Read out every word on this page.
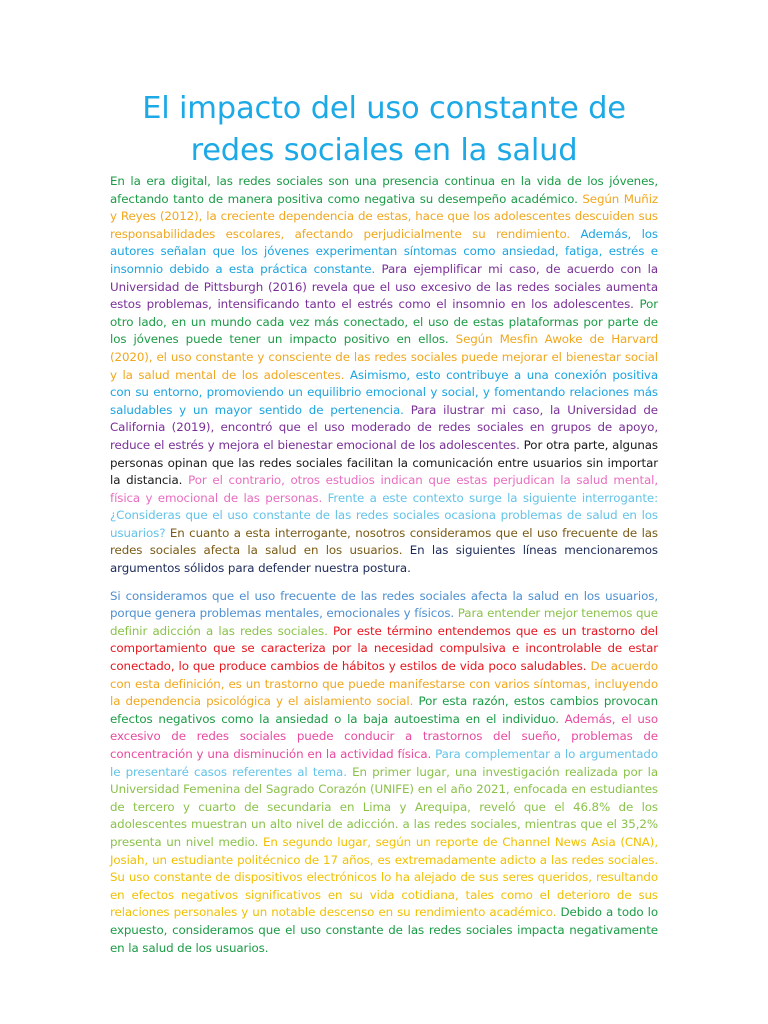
El impacto del uso constante de redes sociales en la salud

En la era digital, las redes sociales son una presencia continua en la vida de los jóvenes, afectando tanto de manera positiva como negativa su desempeño académico. Según Muñiz y Reyes (2012), la creciente dependencia de estas, hace que los adolescentes descuiden sus responsabilidades escolares, afectando perjudicialmente su rendimiento. Además, los autores señalan que los jóvenes experimentan síntomas como ansiedad, fatiga, estrés e insomnio debido a esta práctica constante. Para ejemplificar mi caso, de acuerdo con la Universidad de Pittsburgh (2016) revela que el uso excesivo de las redes sociales aumenta estos problemas, intensificando tanto el estrés como el insomnio en los adolescentes. Por otro lado, en un mundo cada vez más conectado, el uso de estas plataformas por parte de los jóvenes puede tener un impacto positivo en ellos. Según Mesfin Awoke de Harvard (2020), el uso constante y consciente de las redes sociales puede mejorar el bienestar social y la salud mental de los adolescentes. Asimismo, esto contribuye a una conexión positiva con su entorno, promoviendo un equilibrio emocional y social, y fomentando relaciones más saludables y un mayor sentido de pertenencia. Para ilustrar mi caso, la Universidad de California (2019), encontró que el uso moderado de redes sociales en grupos de apoyo, reduce el estrés y mejora el bienestar emocional de los adolescentes. Por otra parte, algunas personas opinan que las redes sociales facilitan la comunicación entre usuarios sin importar la distancia. Por el contrario, otros estudios indican que estas perjudican la salud mental, física y emocional de las personas. Frente a este contexto surge la siguiente interrogante: ¿Consideras que el uso constante de las redes sociales ocasiona problemas de salud en los usuarios? En cuanto a esta interrogante, nosotros consideramos que el uso frecuente de las redes sociales afecta la salud en los usuarios. En las siguientes líneas mencionaremos argumentos sólidos para defender nuestra postura.

Si consideramos que el uso frecuente de las redes sociales afecta la salud en los usuarios, porque genera problemas mentales, emocionales y físicos. Para entender mejor tenemos que definir adicción a las redes sociales. Por este término entendemos que es un trastorno del comportamiento que se caracteriza por la necesidad compulsiva e incontrolable de estar conectado, lo que produce cambios de hábitos y estilos de vida poco saludables. De acuerdo con esta definición, es un trastorno que puede manifestarse con varios síntomas, incluyendo la dependencia psicológica y el aislamiento social. Por esta razón, estos cambios provocan efectos negativos como la ansiedad o la baja autoestima en el individuo. Además, el uso excesivo de redes sociales puede conducir a trastornos del sueño, problemas de concentración y una disminución en la actividad física. Para complementar a lo argumentado le presentaré casos referentes al tema. En primer lugar, una investigación realizada por la Universidad Femenina del Sagrado Corazón (UNIFE) en el año 2021, enfocada en estudiantes de tercero y cuarto de secundaria en Lima y Arequipa, reveló que el 46.8% de los adolescentes muestran un alto nivel de adicción. a las redes sociales, mientras que el 35,2% presenta un nivel medio. En segundo lugar, según un reporte de Channel News Asia (CNA), Josiah, un estudiante politécnico de 17 años, es extremadamente adicto a las redes sociales. Su uso constante de dispositivos electrónicos lo ha alejado de sus seres queridos, resultando en efectos negativos significativos en su vida cotidiana, tales como el deterioro de sus relaciones personales y un notable descenso en su rendimiento académico. Debido a todo lo expuesto, consideramos que el uso constante de las redes sociales impacta negativamente en la salud de los usuarios.
